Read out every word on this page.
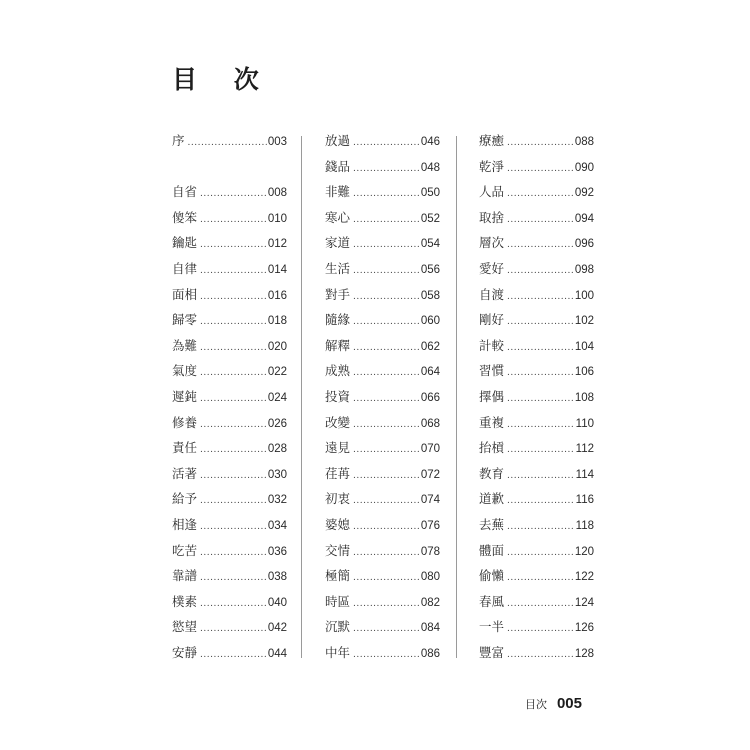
目 次
序 .....	003
自省 .....	008
傻笨 .....	010
鑰匙 .....	012
自律 .....	014
面相 .....	016
歸零 .....	018
為難 .....	020
氣度 .....	022
遲鈍 .....	024
修養 .....	026
責任 .....	028
活著 .....	030
給予 .....	032
相逢 .....	034
吃苦 .....	036
靠譜 .....	038
樸素 .....	040
慾望 .....	042
安靜 .....	044
放過 .....	046
錢品 .....	048
非難 .....	050
寒心 .....	052
家道 .....	054
生活 .....	056
對手 .....	058
隨緣 .....	060
解釋 .....	062
成熟 .....	064
投資 .....	066
改變 .....	068
遠見 .....	070
荏苒 .....	072
初衷 .....	074
婆媳 .....	076
交情 .....	078
極簡 .....	080
時區 .....	082
沉默 .....	084
中年 .....	086
療癒 .....	088
乾淨 .....	090
人品 .....	092
取捨 .....	094
層次 .....	096
愛好 .....	098
自渡 .....	100
剛好 .....	102
計較 .....	104
習慣 .....	106
擇偶 .....	108
重複 .....	110
抬槓 .....	112
教育 .....	114
道歉 .....	116
去蕪 .....	118
體面 .....	120
偷懶 .....	122
春風 .....	124
一半 .....	126
豐富 .....	128
目次 005
